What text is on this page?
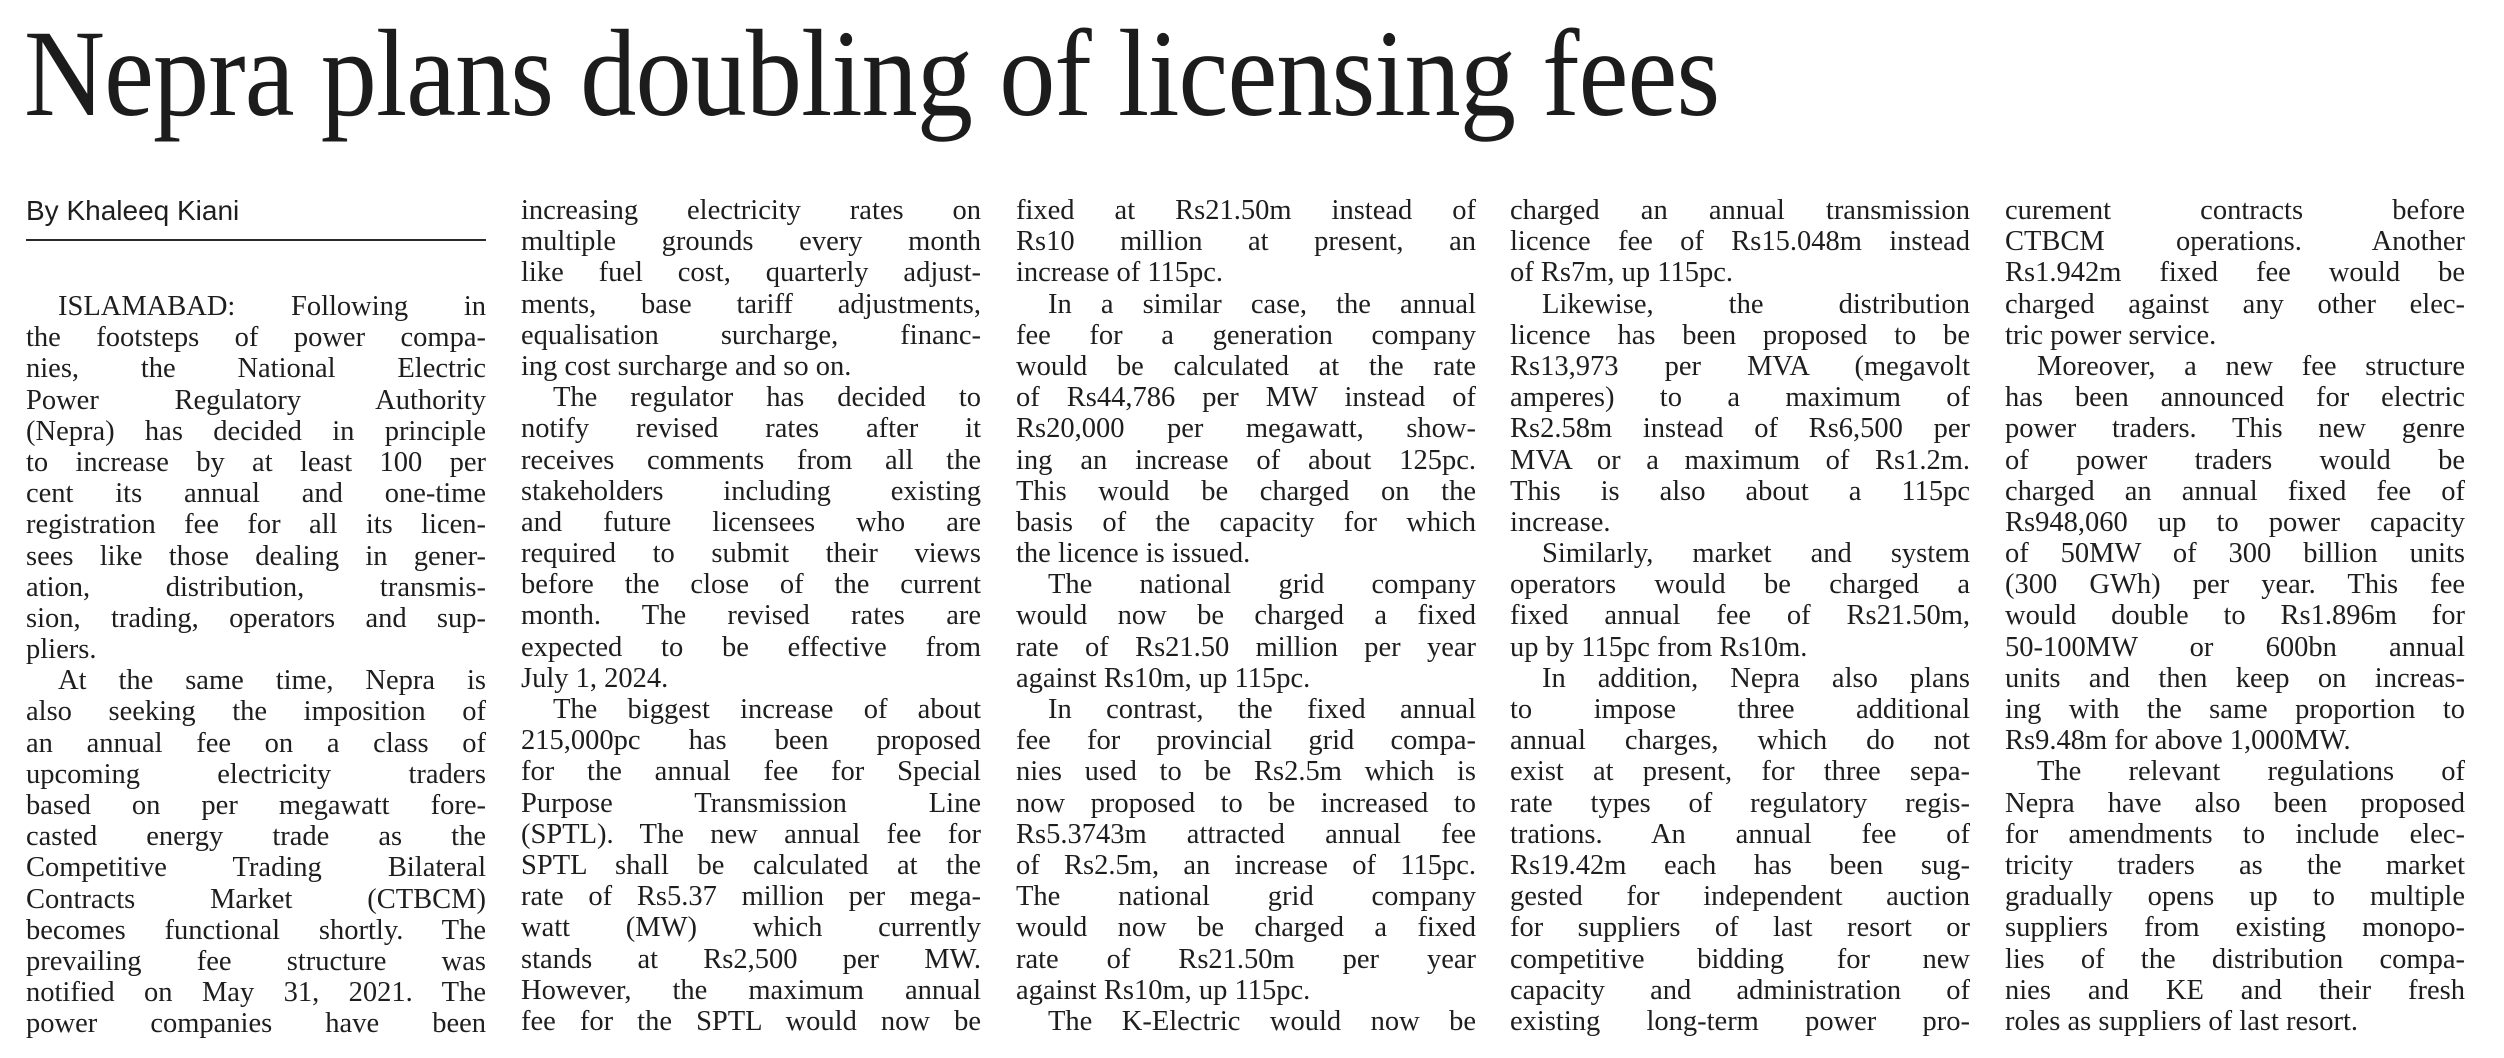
Nepra plans doubling of licensing fees
By Khaleeq Kiani
ISLAMABAD: Following in
the footsteps of power compa-
nies, the National Electric
Power Regulatory Authority
(Nepra) has decided in principle
to increase by at least 100 per
cent its annual and one-time
registration fee for all its licen-
sees like those dealing in gener-
ation, distribution, transmis-
sion, trading, operators and sup-
pliers.
At the same time, Nepra is
also seeking the imposition of
an annual fee on a class of
upcoming electricity traders
based on per megawatt fore-
casted energy trade as the
Competitive Trading Bilateral
Contracts Market (CTBCM)
becomes functional shortly. The
prevailing fee structure was
notified on May 31, 2021. The
power companies have been
increasing electricity rates on
multiple grounds every month
like fuel cost, quarterly adjust-
ments, base tariff adjustments,
equalisation surcharge, financ-
ing cost surcharge and so on.
The regulator has decided to
notify revised rates after it
receives comments from all the
stakeholders including existing
and future licensees who are
required to submit their views
before the close of the current
month. The revised rates are
expected to be effective from
July 1, 2024.
The biggest increase of about
215,000pc has been proposed
for the annual fee for Special
Purpose Transmission Line
(SPTL). The new annual fee for
SPTL shall be calculated at the
rate of Rs5.37 million per mega-
watt (MW) which currently
stands at Rs2,500 per MW.
However, the maximum annual
fee for the SPTL would now be
fixed at Rs21.50m instead of
Rs10 million at present, an
increase of 115pc.
In a similar case, the annual
fee for a generation company
would be calculated at the rate
of Rs44,786 per MW instead of
Rs20,000 per megawatt, show-
ing an increase of about 125pc.
This would be charged on the
basis of the capacity for which
the licence is issued.
The national grid company
would now be charged a fixed
rate of Rs21.50 million per year
against Rs10m, up 115pc.
In contrast, the fixed annual
fee for provincial grid compa-
nies used to be Rs2.5m which is
now proposed to be increased to
Rs5.3743m attracted annual fee
of Rs2.5m, an increase of 115pc.
The national grid company
would now be charged a fixed
rate of Rs21.50m per year
against Rs10m, up 115pc.
The K-Electric would now be
charged an annual transmission
licence fee of Rs15.048m instead
of Rs7m, up 115pc.
Likewise, the distribution
licence has been proposed to be
Rs13,973 per MVA (megavolt
amperes) to a maximum of
Rs2.58m instead of Rs6,500 per
MVA or a maximum of Rs1.2m.
This is also about a 115pc
increase.
Similarly, market and system
operators would be charged a
fixed annual fee of Rs21.50m,
up by 115pc from Rs10m.
In addition, Nepra also plans
to impose three additional
annual charges, which do not
exist at present, for three sepa-
rate types of regulatory regis-
trations. An annual fee of
Rs19.42m each has been sug-
gested for independent auction
for suppliers of last resort or
competitive bidding for new
capacity and administration of
existing long-term power pro-
curement contracts before
CTBCM operations. Another
Rs1.942m fixed fee would be
charged against any other elec-
tric power service.
Moreover, a new fee structure
has been announced for electric
power traders. This new genre
of power traders would be
charged an annual fixed fee of
Rs948,060 up to power capacity
of 50MW of 300 billion units
(300 GWh) per year. This fee
would double to Rs1.896m for
50-100MW or 600bn annual
units and then keep on increas-
ing with the same proportion to
Rs9.48m for above 1,000MW.
The relevant regulations of
Nepra have also been proposed
for amendments to include elec-
tricity traders as the market
gradually opens up to multiple
suppliers from existing monopo-
lies of the distribution compa-
nies and KE and their fresh
roles as suppliers of last resort.
